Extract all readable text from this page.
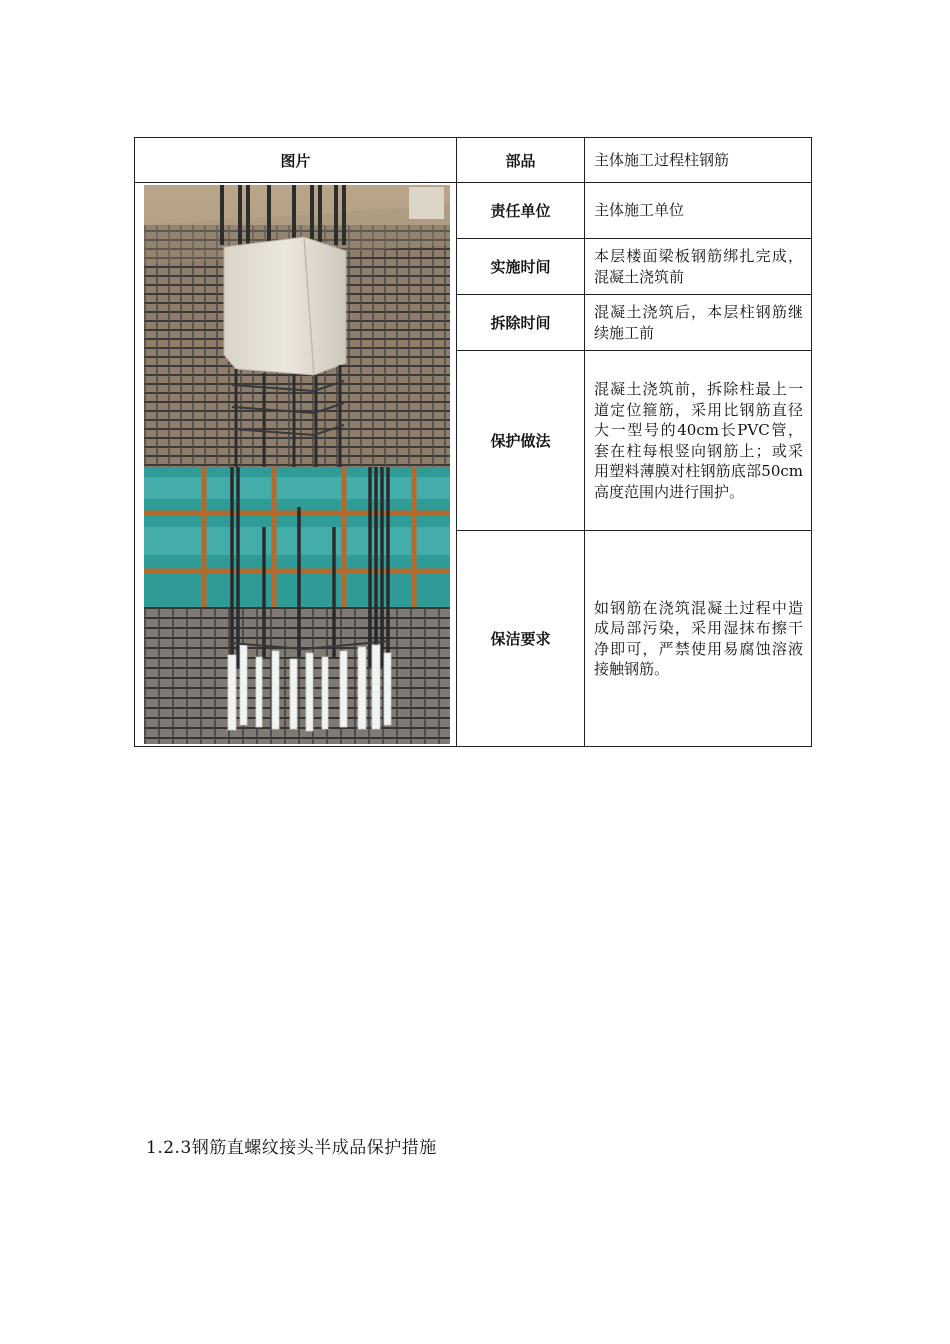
图片	部品	主体施工过程柱钢筋

	责任单位	主体施工单位
	实施时间	本层楼面梁板钢筋绑扎完成，混凝土浇筑前
	拆除时间	混凝土浇筑后，本层柱钢筋继续施工前
	保护做法	混凝土浇筑前，拆除柱最上一道定位箍筋，采用比钢筋直径大一型号的40cm长PVC管，套在柱每根竖向钢筋上；或采用塑料薄膜对柱钢筋底部50cm高度范围内进行围护。
	保洁要求	如钢筋在浇筑混凝土过程中造成局部污染，采用湿抹布擦干净即可，严禁使用易腐蚀溶液接触钢筋。
1.2.3钢筋直螺纹接头半成品保护措施
